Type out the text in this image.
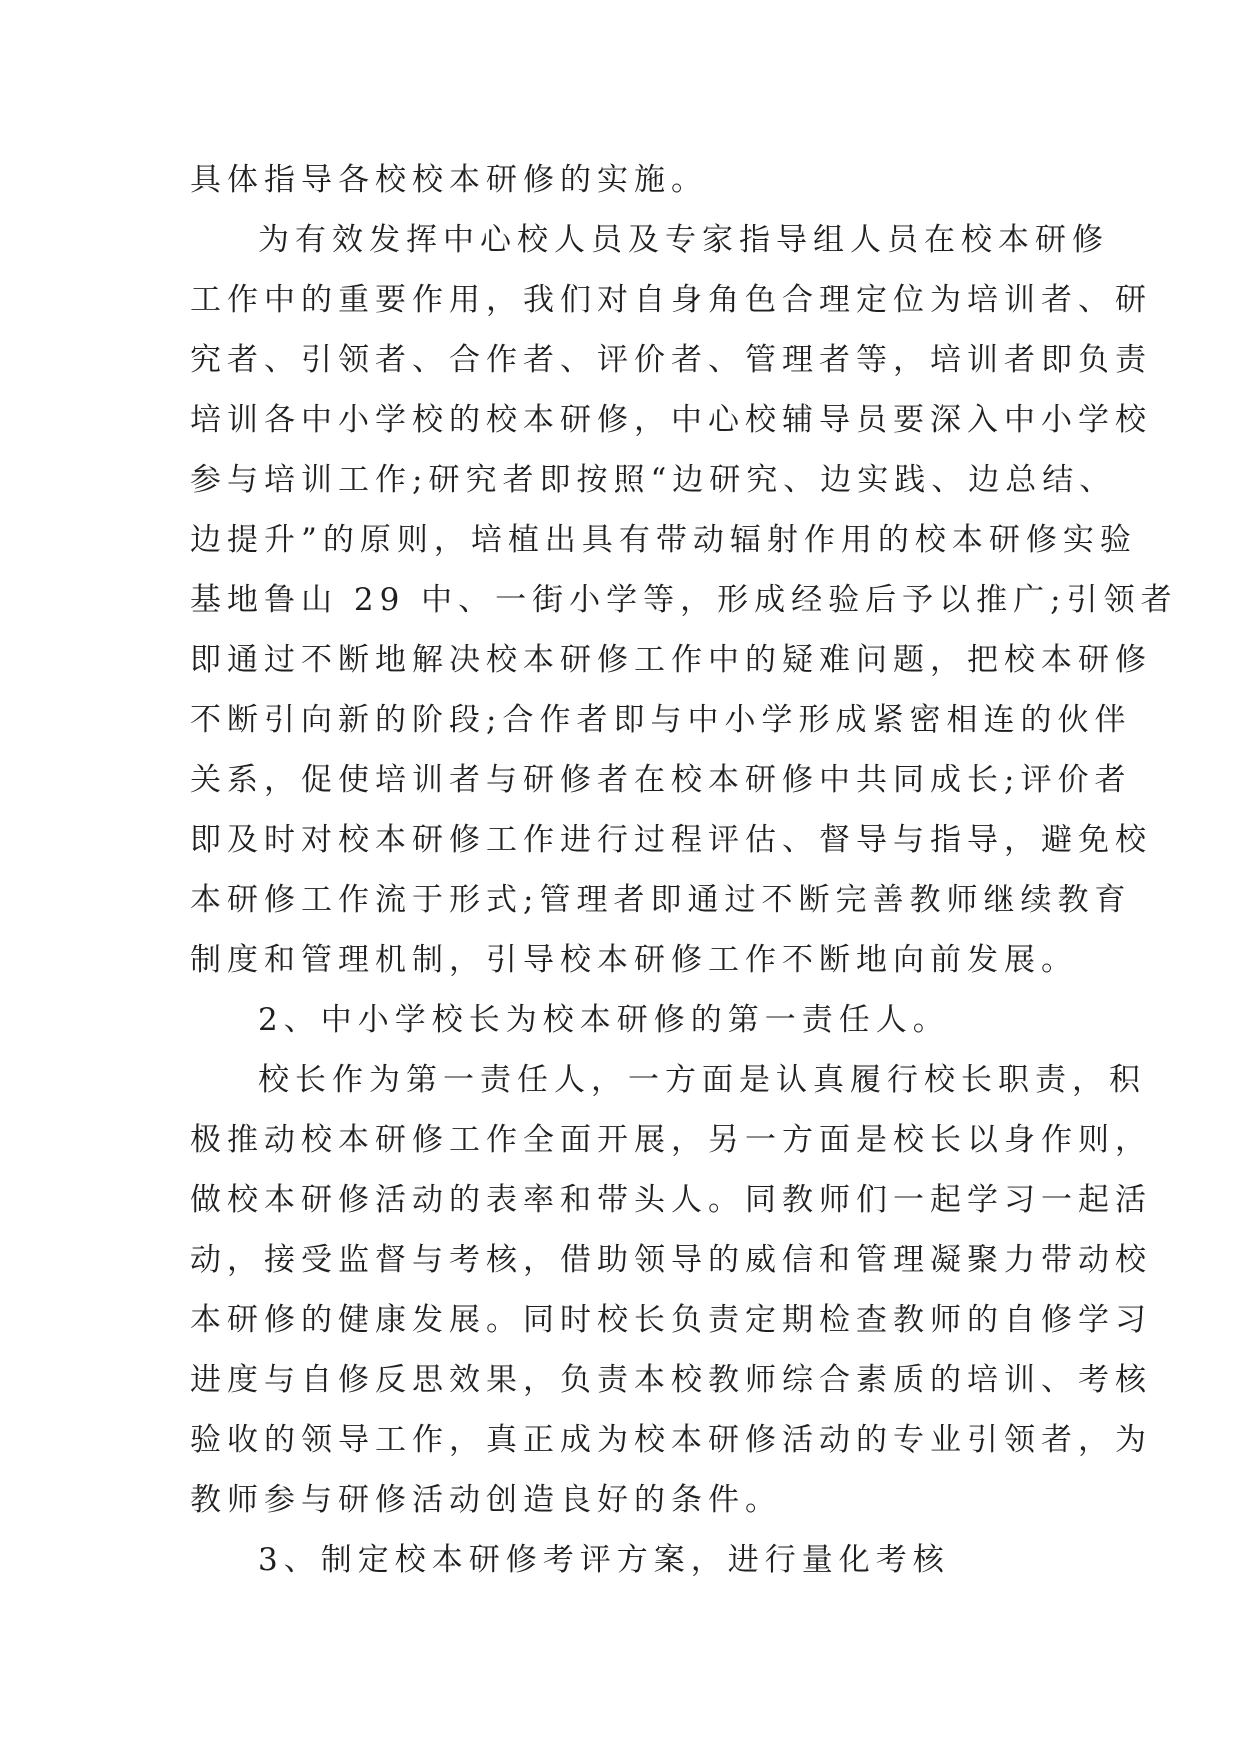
具体指导各校校本研修的实施。
为有效发挥中心校人员及专家指导组人员在校本研修
工作中的重要作用，我们对自身角色合理定位为培训者、研
究者、引领者、合作者、评价者、管理者等，培训者即负责
培训各中小学校的校本研修，中心校辅导员要深入中小学校
参与培训工作;研究者即按照“边研究、边实践、边总结、
边提升”的原则，培植出具有带动辐射作用的校本研修实验
基地鲁山 29 中、一街小学等，形成经验后予以推广;引领者
即通过不断地解决校本研修工作中的疑难问题，把校本研修
不断引向新的阶段;合作者即与中小学形成紧密相连的伙伴
关系，促使培训者与研修者在校本研修中共同成长;评价者
即及时对校本研修工作进行过程评估、督导与指导，避免校
本研修工作流于形式;管理者即通过不断完善教师继续教育
制度和管理机制，引导校本研修工作不断地向前发展。
2、中小学校长为校本研修的第一责任人。
校长作为第一责任人，一方面是认真履行校长职责，积
极推动校本研修工作全面开展，另一方面是校长以身作则，
做校本研修活动的表率和带头人。同教师们一起学习一起活
动，接受监督与考核，借助领导的威信和管理凝聚力带动校
本研修的健康发展。同时校长负责定期检查教师的自修学习
进度与自修反思效果，负责本校教师综合素质的培训、考核
验收的领导工作，真正成为校本研修活动的专业引领者，为
教师参与研修活动创造良好的条件。
3、制定校本研修考评方案，进行量化考核
